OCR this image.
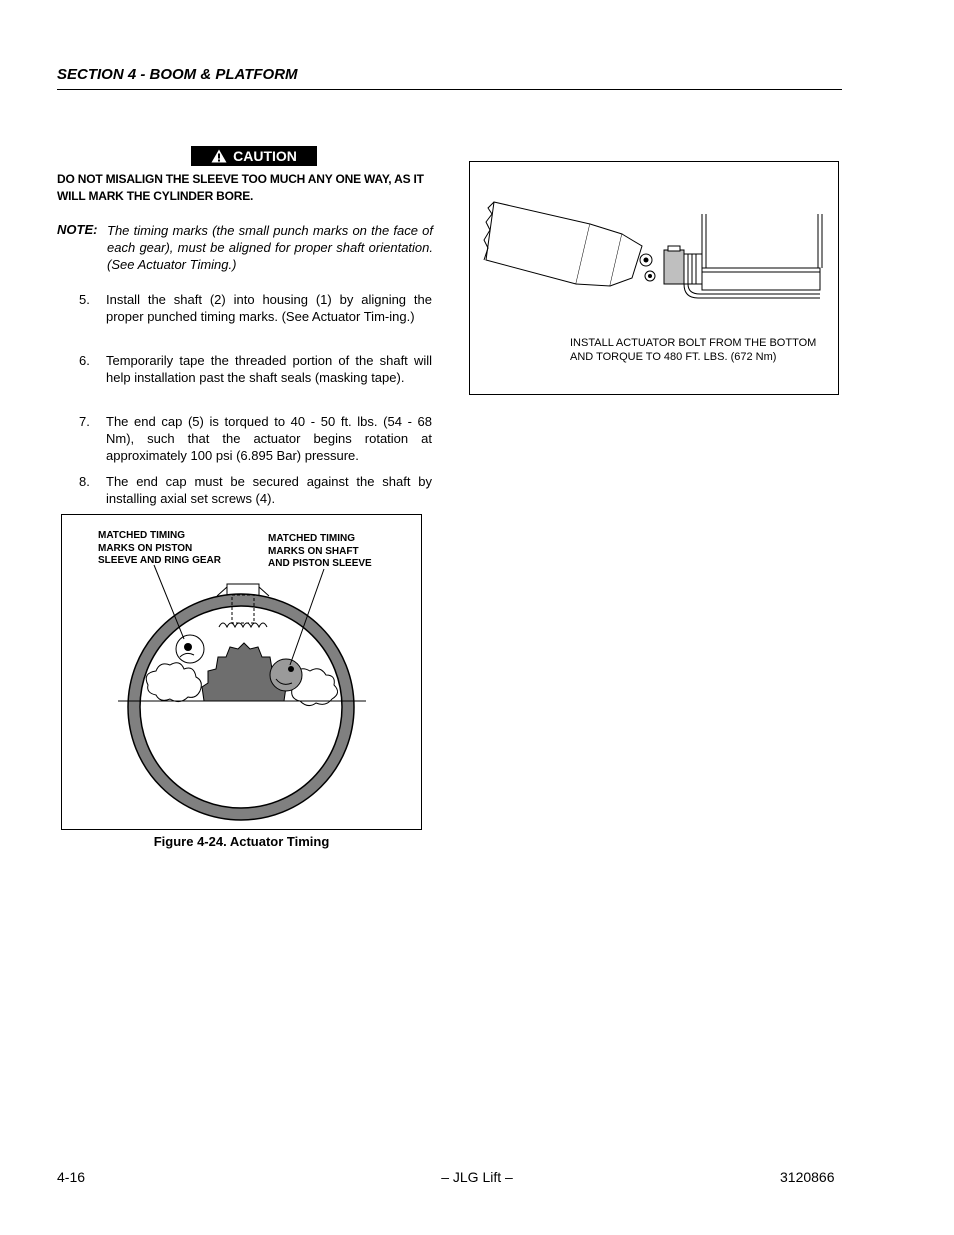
SECTION 4 - BOOM & PLATFORM
CAUTION
DO NOT MISALIGN THE SLEEVE TOO MUCH ANY ONE WAY, AS IT WILL MARK THE CYLINDER BORE.
NOTE: The timing marks (the small punch marks on the face of each gear), must be aligned for proper shaft orientation. (See Actuator Timing.)
5. Install the shaft (2) into housing (1) by aligning the proper punched timing marks. (See Actuator Tim-ing.)
6. Temporarily tape the threaded portion of the shaft will help installation past the shaft seals (masking tape).
7. The end cap (5) is torqued to 40 - 50 ft. lbs. (54 - 68 Nm), such that the actuator begins rotation at approximately 100 psi (6.895 Bar) pressure.
8. The end cap must be secured against the shaft by installing axial set screws (4).
MATCHED TIMING
MARKS ON PISTON
SLEEVE AND RING GEAR
MATCHED TIMING
MARKS ON SHAFT
AND PISTON SLEEVE
Figure 4-24. Actuator Timing
INSTALL ACTUATOR BOLT FROM THE BOTTOM
AND TORQUE TO 480 FT. LBS. (672 Nm)
4-16	– JLG Lift –	3120866
